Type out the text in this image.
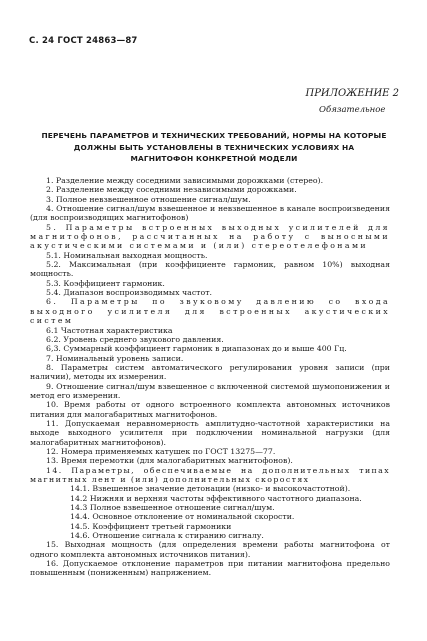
С. 24 ГОСТ 24863—87
ПРИЛОЖЕНИЕ 2
Обязательное
ПЕРЕЧЕНЬ ПАРАМЕТРОВ И ТЕХНИЧЕСКИХ ТРЕБОВАНИЙ, НОРМЫ НА КОТОРЫЕ
ДОЛЖНЫ БЫТЬ УСТАНОВЛЕНЫ В ТЕХНИЧЕСКИХ УСЛОВИЯХ НА
МАГНИТОФОН КОНКРЕТНОЙ МОДЕЛИ

1. Разделение между соседними зависимыми дорожками (стерео).

2. Разделение между соседними независимыми дорожками.

3. Полное невзвешенное отношение сигнал/шум.

4. Отношение сигнал/шум взвешенное и невзвешенное в канале воспроизведения (для воспроизводящих магнитофонов)

5. Параметры встроенных выходных усилителей для магнитофонов, рассчитанных на работу с выносными акустическими системами и (или) стереотелефонами

5.1. Номинальная выходная мощность.

5.2. Максимальная (при коэффициенте гармоник, равном 10%) выходная мощность.

5.3. Коэффициент гармоник.

5.4. Диапазон воспроизводимых частот.

6. Параметры по звуковому давлению со входа выходного усилителя для встроенных акустических систем

6.1 Частотная характеристика

6.2. Уровень среднего звукового давления.

6,3. Суммарный коэффициент гармоник в диапазонах до и выше 400 Гц.

7. Номинальный уровень записи.

8. Параметры систем автоматического регулирования уровня записи (при наличии), методы их измерения.

9. Отношение сигнал/шум взвешенное с включенной системой шумопонижения и метод его измерения.

10. Время работы от одного встроенного комплекта автономных источников питания для малогабаритных магнитофонов.

11. Допускаемая неравномерность амплитудно-частотной характеристики на выходе выходного усилителя при подключении номинальной нагрузки (для малогабаритных магнитофонов).

12. Номера применяемых катушек по ГОСТ 13275—77.

13. Время перемотки (для малогабаритных магнитофонов).

14. Параметры, обеспечиваемые на дополнительных типах магнитных лент и (или) дополнительных скоростях

14.1. Взвешенное значение детонации (низко- и высокочастотной).

14.2 Нижняя и верхняя частоты эффективного частотного диапазона.

14.3 Полное взвешенное отношение сигнал/шум.

14.4. Основное отклонение от номинальной скорости.

14.5. Коэффициент третьей гармоники

14.6. Отношение сигнала к стиранию сигналу.

15. Выходная мощность (для определения времени работы магнитофона от одного комплекта автономных источников питания).

16. Допускаемое отклонение параметров при питании магнитофона предельно повышенным (пониженным) напряжением.
